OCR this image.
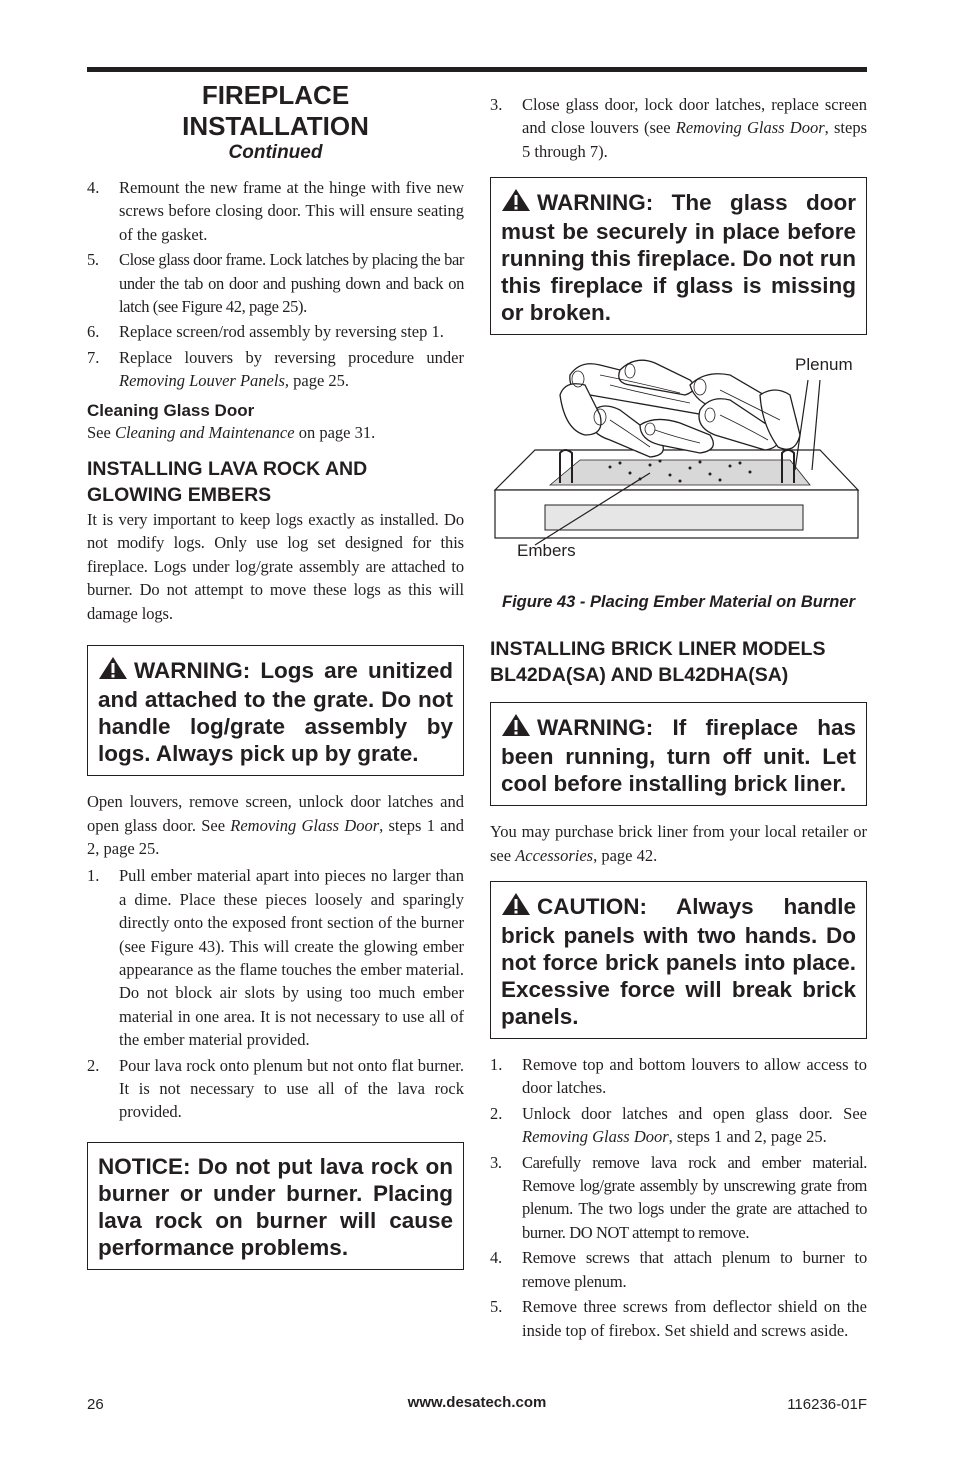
FIREPLACE
INSTALLATION
Continued
4.	Remount the new frame at the hinge with five new screws before closing door. This will ensure seating of the gasket.
5.	Close glass door frame. Lock latches by placing the bar under the tab on door and pushing down and back on latch (see Figure 42, page 25).
6.	Replace screen/rod assembly by reversing step 1.
7.	Replace louvers by reversing procedure under Removing Louver Panels, page 25.
Cleaning Glass Door
See Cleaning and Maintenance on page 31.
INSTALLING LAVA ROCK AND GLOWING EMBERS
It is very important to keep logs exactly as installed. Do not modify logs. Only use log set designed for this fireplace. Logs under log/grate assembly are attached to burner. Do not attempt to move these logs as this will damage logs.
WARNING: Logs are unitized and attached to the grate. Do not handle log/grate assembly by logs. Always pick up by grate.
Open louvers, remove screen, unlock door latches and open glass door. See Removing Glass Door, steps 1 and 2, page 25.
1.	Pull ember material apart into pieces no larger than a dime. Place these pieces loosely and sparingly directly onto the exposed front section of the burner (see Figure 43). This will create the glowing ember appearance as the flame touches the ember material. Do not block air slots by using too much ember material in one area. It is not necessary to use all of the ember material provided.
2.	Pour lava rock onto plenum but not onto flat burner. It is not necessary to use all of the lava rock provided.
NOTICE: Do not put lava rock on burner or under burner. Placing lava rock on burner will cause performance problems.
3.	Close glass door, lock door latches, replace screen and close louvers (see Removing Glass Door, steps 5 through 7).
WARNING: The glass door must be securely in place before running this fireplace. Do not run this fireplace if glass is missing or broken.
Plenum
Embers
Figure 43 - Placing Ember Material on Burner
INSTALLING BRICK LINER MODELS BL42DA(SA) AND BL42DHA(SA)
WARNING: If fireplace has been running, turn off unit. Let cool before installing brick liner.
You may purchase brick liner from your local retailer or see Accessories, page 42.
CAUTION: Always handle brick panels with two hands. Do not force brick panels into place. Excessive force will break brick panels.
1.	Remove top and bottom louvers to allow access to door latches.
2.	Unlock door latches and open glass door. See Removing Glass Door, steps 1 and 2, page 25.
3.	Carefully remove lava rock and ember material. Remove log/grate assembly by unscrewing grate from plenum. The two logs under the grate are attached to burner. DO NOT attempt to remove.
4.	Remove screws that attach plenum to burner to remove plenum.
5.	Remove three screws from deflector shield on the inside top of firebox. Set shield and screws aside.
26	www.desatech.com	116236-01F
